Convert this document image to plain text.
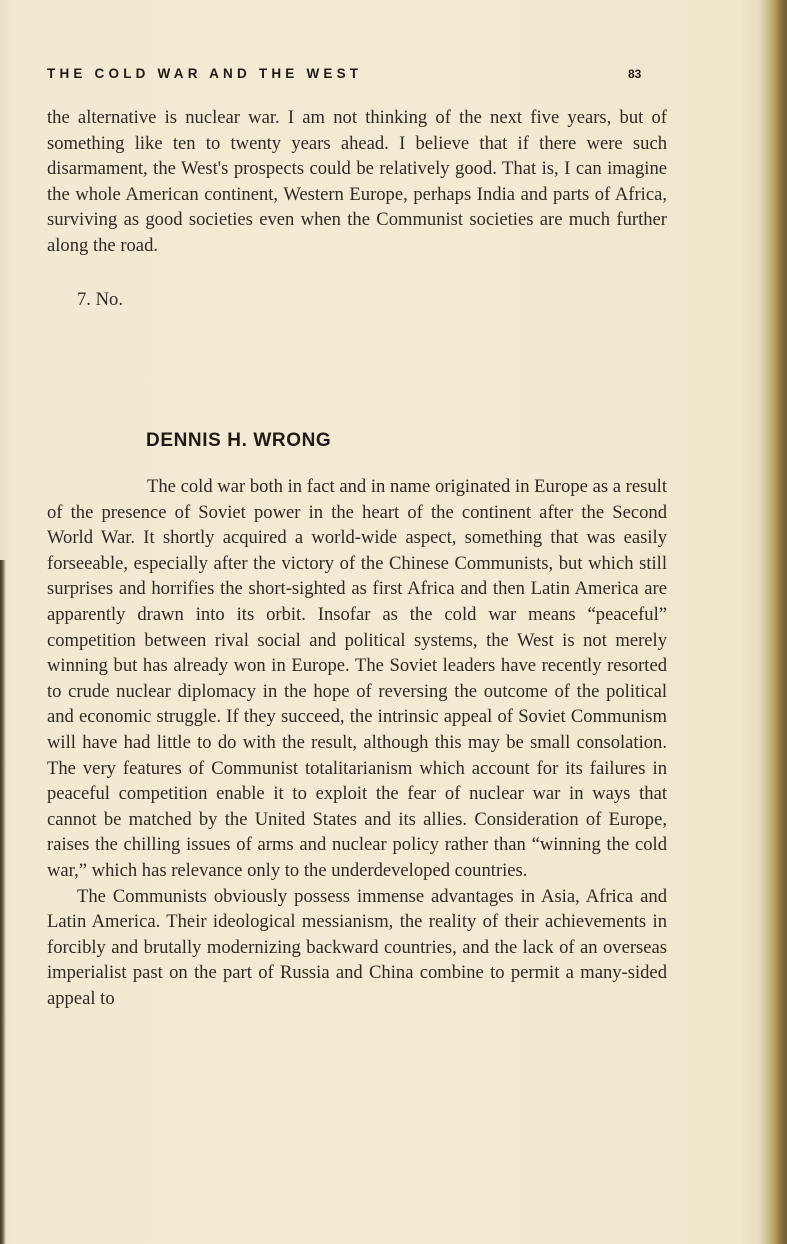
THE COLD WAR AND THE WEST	83

the alternative is nuclear war. I am not thinking of the next five years, but of something like ten to twenty years ahead. I believe that if there were such disarmament, the West's prospects could be relatively good. That is, I can imagine the whole American continent, Western Europe, perhaps India and parts of Africa, surviving as good societies even when the Communist societies are much further along the road.

7. No.
DENNIS H. WRONG

The cold war both in fact and in name originated in Europe as a result of the presence of Soviet power in the heart of the continent after the Second World War. It shortly acquired a world-wide aspect, something that was easily forseeable, especially after the victory of the Chinese Communists, but which still surprises and horrifies the short-sighted as first Africa and then Latin America are apparently drawn into its orbit. Insofar as the cold war means “peaceful” competition between rival social and political systems, the West is not merely winning but has already won in Europe. The Soviet leaders have recently resorted to crude nuclear diplomacy in the hope of reversing the outcome of the political and economic struggle. If they succeed, the intrinsic appeal of Soviet Communism will have had little to do with the result, although this may be small consolation. The very features of Communist totalitarianism which account for its failures in peaceful competition enable it to exploit the fear of nuclear war in ways that cannot be matched by the United States and its allies. Consideration of Europe, raises the chilling issues of arms and nuclear policy rather than “winning the cold war,” which has relevance only to the underdeveloped countries.

The Communists obviously possess immense advantages in Asia, Africa and Latin America. Their ideological messianism, the reality of their achievements in forcibly and brutally modernizing backward countries, and the lack of an overseas imperialist past on the part of Russia and China combine to permit a many-sided appeal to
